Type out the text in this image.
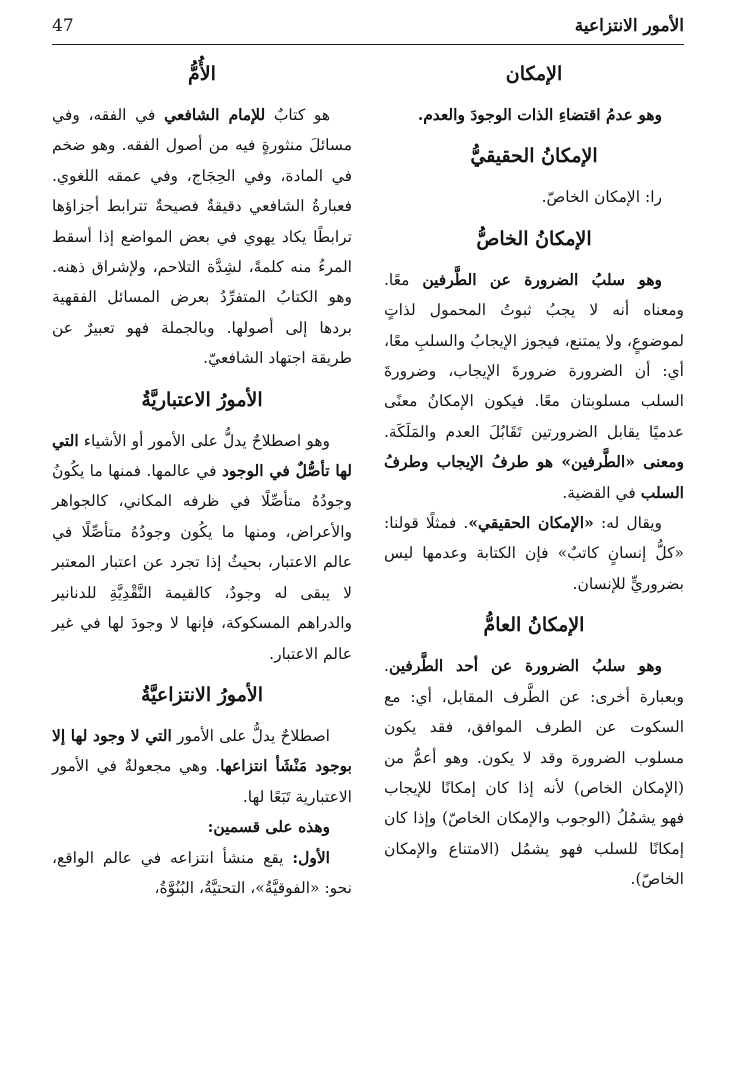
الأمور الانتزاعية
47
الإمكان

وهو عدمُ اقتضاءِ الذات الوجودَ والعدم.

الإمكانُ الحقيقيُّ

را: الإمكان الخاصّ.

الإمكانُ الخاصُّ

وهو سلبُ الضرورة عن الطَّرفين معًا. ومعناه أنه لا يجبُ ثبوتُ المحمول لذاتٍ لموضوعٍ، ولا يمتنع، فيجوز الإيجابُ والسلبِ معًا، أي: أن الضرورة ضرورةَ الإيجاب، وضرورةَ السلب مسلوبتان معًا. فيكون الإمكانُ معنًى عدميًا يقابل الضرورتين تَقَابُلَ العدم والمَلَكَة. ومعنى «الطَّرفين» هو طرفُ الإيجاب وطرفُ السلب في القضية.

ويقال له: «الإمكان الحقيقي». فمثلًا قولنا: «كلُّ إنسانٍ كاتبٌ» فإن الكتابة وعدمها ليس بضروريٍّ للإنسان.

الإمكانُ العامُّ

وهو سلبُ الضرورة عن أحد الطَّرفين. وبعبارة أخرى: عن الطَّرف المقابل، أي: مع السكوت عن الطرف الموافق، فقد يكون مسلوب الضرورة وقد لا يكون. وهو أعمُّ من (الإمكان الخاص) لأنه إذا كان إمكانًا للإيجاب فهو يشمُلُ (الوجوب والإمكان الخاصّ) وإذا كان إمكانًا للسلب فهو يشمُل (الامتناع والإمكان الخاصّ).

الأُمُّ

هو كتابٌ للإمام الشافعي في الفقه، وفي مسائلَ منثورةٍ فيه من أصول الفقه. وهو ضخم في المادة، وفي الحِجَاج، وفي عمقه اللغوي. فعبارةُ الشافعي دقيقةٌ فصيحةٌ تترابط أجزاؤها ترابطًا يكاد يهوي في بعض المواضع إذا أسقط المرءُ منه كلمةً، لشِدَّة التلاحم، ولإشراق ذهنه. وهو الكتابُ المتفرِّدُ بعرض المسائل الفقهية بردها إلى أصولها. وبالجملة فهو تعبيرٌ عن طريقة اجتهاد الشافعيّ.

الأمورُ الاعتباريَّةُ

وهو اصطلاحٌ يدلُّ على الأمور أو الأشياء التي لها تأصُّلٌ في الوجود في عالمها. فمنها ما يكُونُ وجودُهُ متأصِّلًا في ظرفه المكاني، كالجواهر والأعراض، ومنها ما يكُون وجودُهُ متأصِّلًا في عالم الاعتبار، بحيثُ إذا تجرد عن اعتبار المعتبر لا يبقى له وجودٌ، كالقيمة النَّقْدِيَّةِ للدنانير والدراهم المسكوكة، فإنها لا وجودَ لها في غير عالم الاعتبار.

الأمورُ الانتزاعيَّةُ

اصطلاحٌ يدلُّ على الأمور التي لا وجود لها إلا بوجود مَنْشَأ انتزاعها. وهي مجعولةٌ في الأمور الاعتبارية تَبَعًا لها.

وهذه على قسمين:

الأول: يقع منشأ انتزاعه في عالم الواقع، نحو: «الفوقيَّةُ»، التحتيَّةُ، البُنُوَّةُ،
